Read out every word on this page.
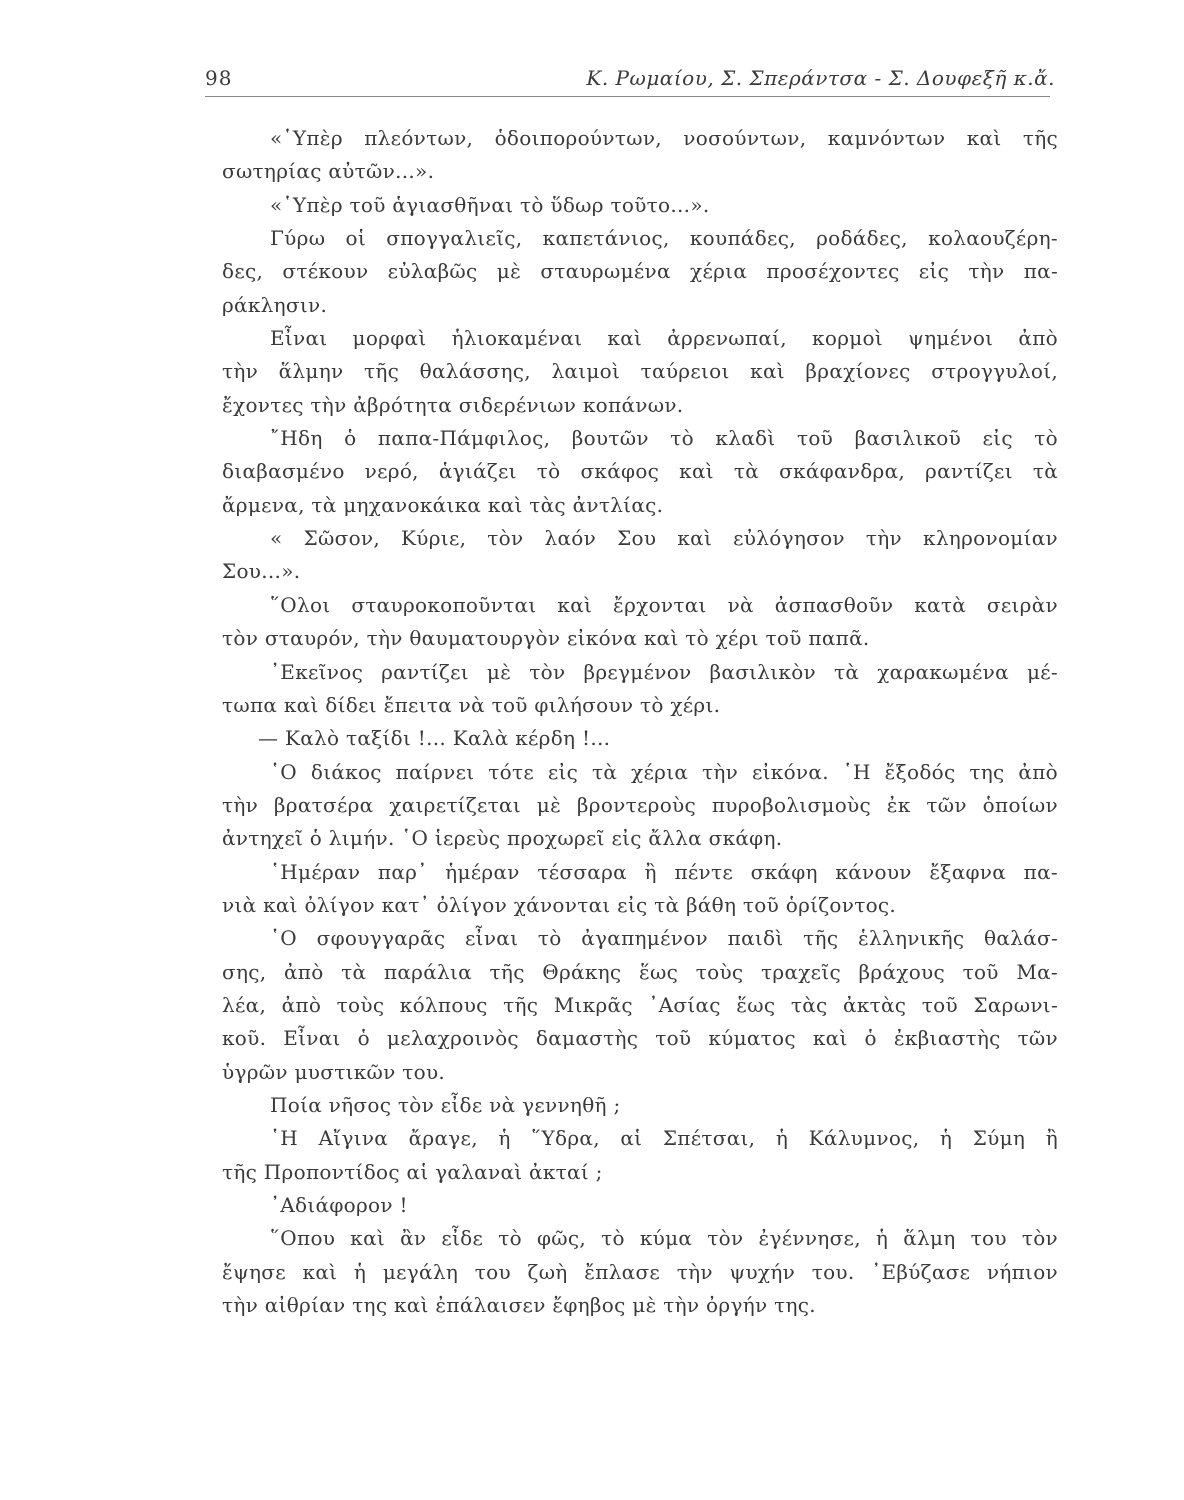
98	Κ. Ρωμαίου, Σ. Σπεράντσα - Σ. Δουφεξῆ κ.ἄ.
«῾Υπὲρ πλεόντων, ὁδοιπορούντων, νοσούντων, καμνόντων καὶ τῆς
σωτηρίας αὐτῶν...».
«῾Υπὲρ τοῦ ἁγιασθῆναι τὸ ὕδωρ τοῦτο...».
Γύρω οἱ σπογγαλιεῖς, καπετάνιος, κουπάδες, ροδάδες, κολαουζέρη-
δες, στέκουν εὐλαβῶς μὲ σταυρωμένα χέρια προσέχοντες εἰς τὴν πα-
ράκλησιν.
Εἶναι μορφαὶ ἡλιοκαμέναι καὶ ἀρρενωπαί, κορμοὶ ψημένοι ἀπὸ
τὴν ἅλμην τῆς θαλάσσης, λαιμοὶ ταύρειοι καὶ βραχίονες στρογγυλοί,
ἔχοντες τὴν ἀβρότητα σιδερένιων κοπάνων.
῎Ηδη ὁ παπα-Πάμφιλος, βουτῶν τὸ κλαδὶ τοῦ βασιλικοῦ εἰς τὸ
διαβασμένο νερό, ἁγιάζει τὸ σκάφος καὶ τὰ σκάφανδρα, ραντίζει τὰ
ἄρμενα, τὰ μηχανοκάικα καὶ τὰς ἀντλίας.
« Σῶσον, Κύριε, τὸν λαόν Σου καὶ εὐλόγησον τὴν κληρονομίαν
Σου...».
῞Ολοι σταυροκοποῦνται καὶ ἔρχονται νὰ ἀσπασθοῦν κατὰ σειρὰν
τὸν σταυρόν, τὴν θαυματουργὸν εἰκόνα καὶ τὸ χέρι τοῦ παπᾶ.
᾿Εκεῖνος ραντίζει μὲ τὸν βρεγμένον βασιλικὸν τὰ χαρακωμένα μέ-
τωπα καὶ δίδει ἔπειτα νὰ τοῦ φιλήσουν τὸ χέρι.
— Καλὸ ταξίδι !... Καλὰ κέρδη !...
῾Ο διάκος παίρνει τότε εἰς τὰ χέρια τὴν εἰκόνα. ῾Η ἔξοδός της ἀπὸ
τὴν βρατσέρα χαιρετίζεται μὲ βροντεροὺς πυροβολισμοὺς ἐκ τῶν ὁποίων
ἀντηχεῖ ὁ λιμήν. ῾Ο ἱερεὺς προχωρεῖ εἰς ἄλλα σκάφη.
῾Ημέραν παρ᾿ ἡμέραν τέσσαρα ἢ πέντε σκάφη κάνουν ἔξαφνα πα-
νιὰ καὶ ὀλίγον κατ᾿ ὀλίγον χάνονται εἰς τὰ βάθη τοῦ ὁρίζοντος.
῾Ο σφουγγαρᾶς εἶναι τὸ ἀγαπημένον παιδὶ τῆς ἑλληνικῆς θαλάσ-
σης, ἀπὸ τὰ παράλια τῆς Θράκης ἕως τοὺς τραχεῖς βράχους τοῦ Μα-
λέα, ἀπὸ τοὺς κόλπους τῆς Μικρᾶς ᾿Ασίας ἕως τὰς ἀκτὰς τοῦ Σαρωνι-
κοῦ. Εἶναι ὁ μελαχροινὸς δαμαστὴς τοῦ κύματος καὶ ὁ ἐκβιαστὴς τῶν
ὑγρῶν μυστικῶν του.
Ποία νῆσος τὸν εἶδε νὰ γεννηθῆ ;
῾Η Αἴγινα ἄραγε, ἡ ῞Υδρα, αἱ Σπέτσαι, ἡ Κάλυμνος, ἡ Σύμη ἢ
τῆς Προποντίδος αἱ γαλαναὶ ἀκταί ;
᾿Αδιάφορον !
῞Οπου καὶ ἂν εἶδε τὸ φῶς, τὸ κύμα τὸν ἐγέννησε, ἡ ἅλμη του τὸν
ἔψησε καὶ ἡ μεγάλη του ζωὴ ἔπλασε τὴν ψυχήν του. ᾿Εβύζασε νήπιον
τὴν αἰθρίαν της καὶ ἐπάλαισεν ἔφηβος μὲ τὴν ὀργήν της.
